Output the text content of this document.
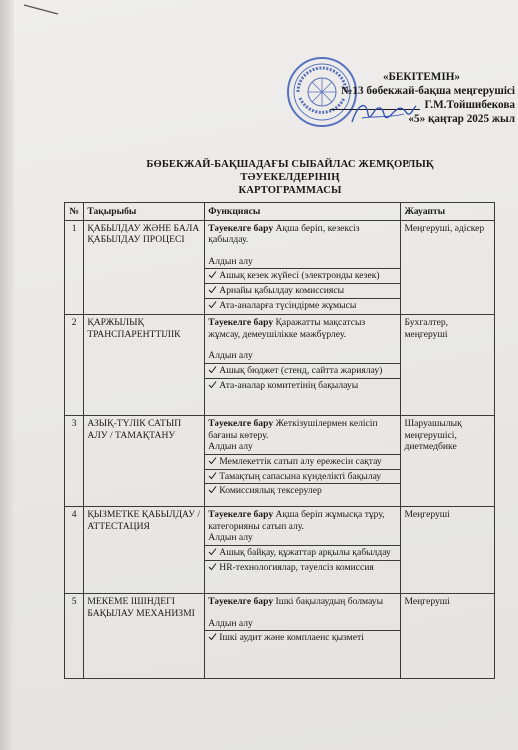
«БЕКІТЕМІН»
№13 бөбекжай-бақша меңгерушісі
Г.М.Тойшибекова
«5» қаңтар 2025 жыл
БӨБЕКЖАЙ-БАҚШАДАҒЫ СЫБАЙЛАС ЖЕМҚОРЛЫҚ ТӘУЕКЕЛДЕРІНІҢ
КАРТОГРАММАСЫ
№	Тақырыбы	Функциясы	Жауапты
1	ҚАБЫЛДАУ ЖӘНЕ БАЛА ҚАБЫЛДАУ ПРОЦЕСІ	Тәуекелге бару Ақша беріп, кезексіз қабылдау.
Алдын алу
Ашық кезек жүйесі (электронды кезек)
Арнайы қабылдау комиссиясы
Ата-аналарға түсіндірме жұмысы	Меңгеруші, әдіскер
2	ҚАРЖЫЛЫҚ ТРАНСПАРЕНТТІЛІК	Тәуекелге бару Қаражатты мақсатсыз жұмсау, демеушілікке мәжбүрлеу.
Алдын алу
Ашық бюджет (стенд, сайтта жариялау)
Ата-аналар комитетінің бақылауы	Бухгалтер, меңгеруші
3	АЗЫҚ-ТҮЛІК САТЫП АЛУ / ТАМАҚТАНУ	Тәуекелге бару Жеткізушілермен келісіп бағаны көтеру.
Алдын алу
Мемлекеттік сатып алу ережесін сақтау
Тамақтың сапасына күнделікті бақылау
Комиссиялық тексерулер	Шаруашылық меңгерушісі, диетмедбике
4	ҚЫЗМЕТКЕ ҚАБЫЛДАУ / АТТЕСТАЦИЯ	Тәуекелге бару Ақша беріп жұмысқа тұру, категорияны сатып алу.
Алдын алу
Ашық байқау, құжаттар арқылы қабылдау
HR-технологиялар, тәуелсіз комиссия	Меңгеруші
5	МЕКЕМЕ ІШІНДЕГІ БАҚЫЛАУ МЕХАНИЗМІ	Тәуекелге бару Ішкі бақылаудың болмауы
Алдын алу
Ішкі аудит және комплаенс қызметі	Меңгеруші
